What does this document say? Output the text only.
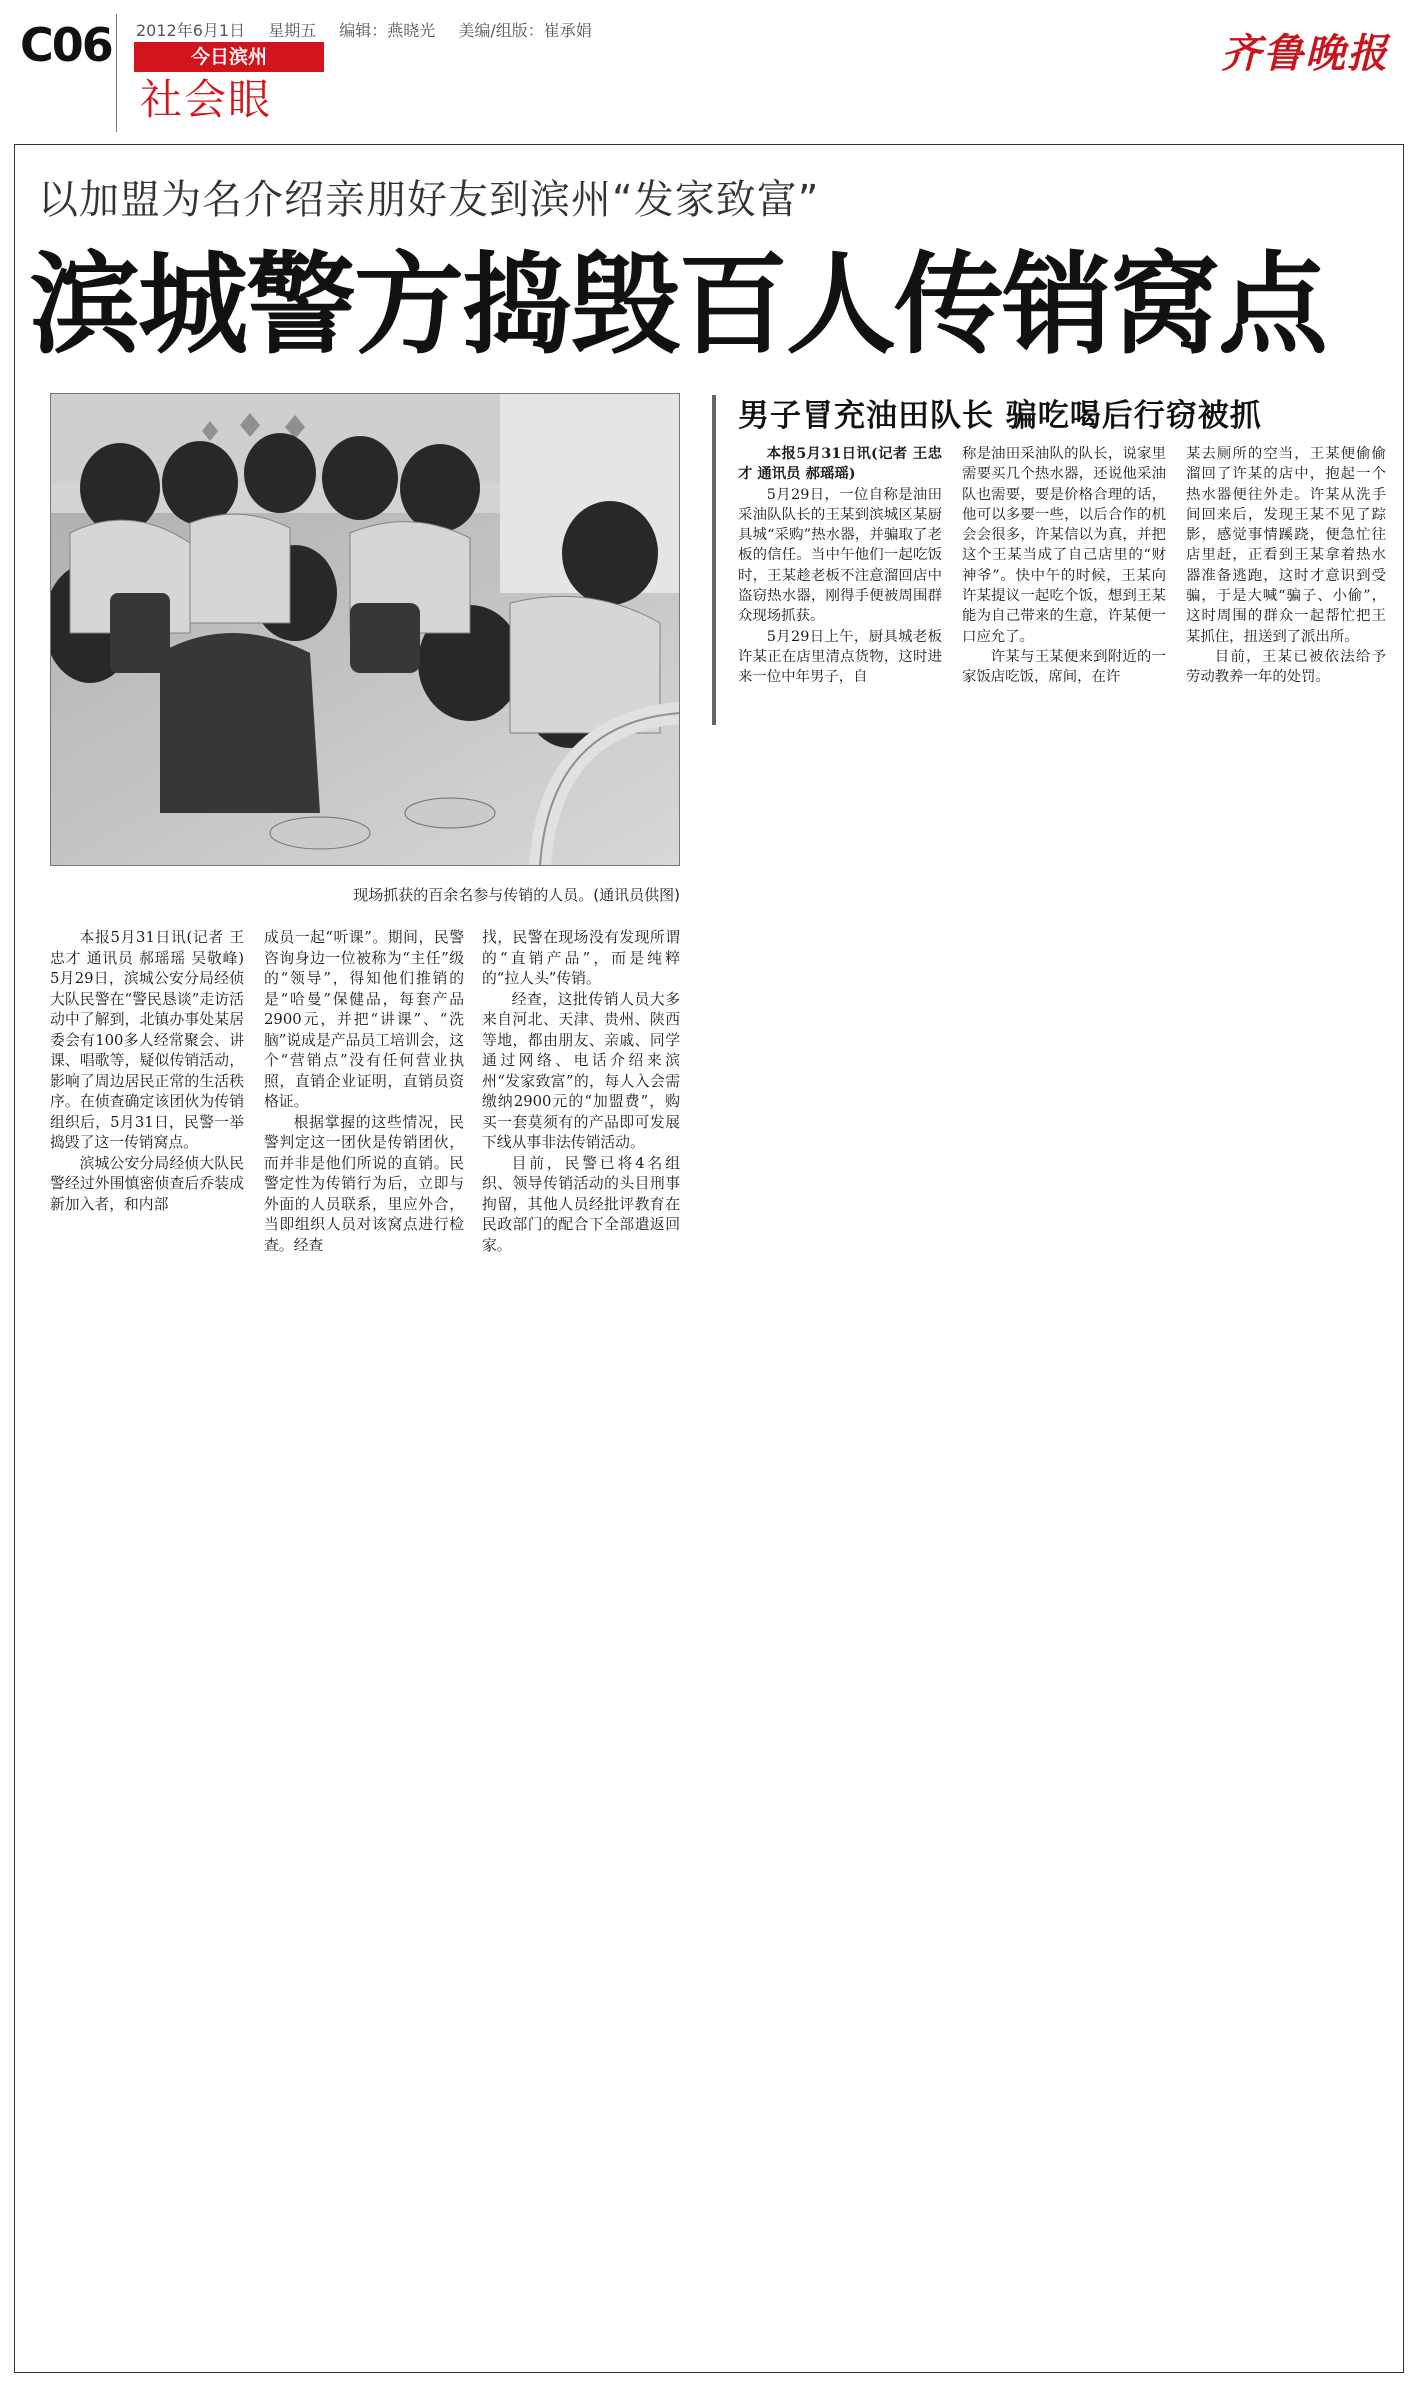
C06 2012年6月1日 星期五 编辑：燕晓光 美编/组版：崔承娟
今日滨州
社会眼
齐鲁晚报
以加盟为名介绍亲朋好友到滨州“发家致富”
滨城警方捣毁百人传销窝点
现场抓获的百余名参与传销的人员。(通讯员供图)

本报5月31日讯(记者 王忠才 通讯员 郝瑶瑶 吴敬峰) 5月29日，滨城公安分局经侦大队民警在“警民恳谈”走访活动中了解到，北镇办事处某居委会有100多人经常聚会、讲课、唱歌等，疑似传销活动，影响了周边居民正常的生活秩序。在侦查确定该团伙为传销组织后，5月31日，民警一举捣毁了这一传销窝点。

滨城公安分局经侦大队民警经过外围慎密侦查后乔装成新加入者，和内部

成员一起“听课”。期间，民警咨询身边一位被称为“主任”级的“领导”，得知他们推销的是“哈曼”保健品，每套产品2900元，并把“讲课”、“洗脑”说成是产品员工培训会，这个“营销点”没有任何营业执照，直销企业证明，直销员资格证。

根据掌握的这些情况，民警判定这一团伙是传销团伙，而并非是他们所说的直销。民警定性为传销行为后，立即与外面的人员联系，里应外合，当即组织人员对该窝点进行检查。经查

找，民警在现场没有发现所谓的“直销产品”，而是纯粹的“拉人头”传销。

经查，这批传销人员大多来自河北、天津、贵州、陕西等地，都由朋友、亲戚、同学通过网络、电话介绍来滨州“发家致富”的，每人入会需缴纳2900元的“加盟费”，购买一套莫须有的产品即可发展下线从事非法传销活动。

目前，民警已将4名组织、领导传销活动的头目刑事拘留，其他人员经批评教育在民政部门的配合下全部遣返回家。

男子冒充油田队长 骗吃喝后行窃被抓

本报5月31日讯(记者 王忠才 通讯员 郝瑶瑶)

5月29日，一位自称是油田采油队队长的王某到滨城区某厨具城“采购”热水器，并骗取了老板的信任。当中午他们一起吃饭时，王某趁老板不注意溜回店中盗窃热水器，刚得手便被周围群众现场抓获。

5月29日上午，厨具城老板许某正在店里清点货物，这时进来一位中年男子，自

称是油田采油队的队长，说家里需要买几个热水器，还说他采油队也需要，要是价格合理的话，他可以多要一些，以后合作的机会会很多，许某信以为真，并把这个王某当成了自己店里的“财神爷”。快中午的时候，王某向许某提议一起吃个饭，想到王某能为自己带来的生意，许某便一口应允了。

许某与王某便来到附近的一家饭店吃饭，席间，在许

某去厕所的空当，王某便偷偷溜回了许某的店中，抱起一个热水器便往外走。许某从洗手间回来后，发现王某不见了踪影，感觉事情蹊跷，便急忙往店里赶，正看到王某拿着热水器准备逃跑，这时才意识到受骗，于是大喊“骗子、小偷”，这时周围的群众一起帮忙把王某抓住，扭送到了派出所。

目前，王某已被依法给予劳动教养一年的处罚。
